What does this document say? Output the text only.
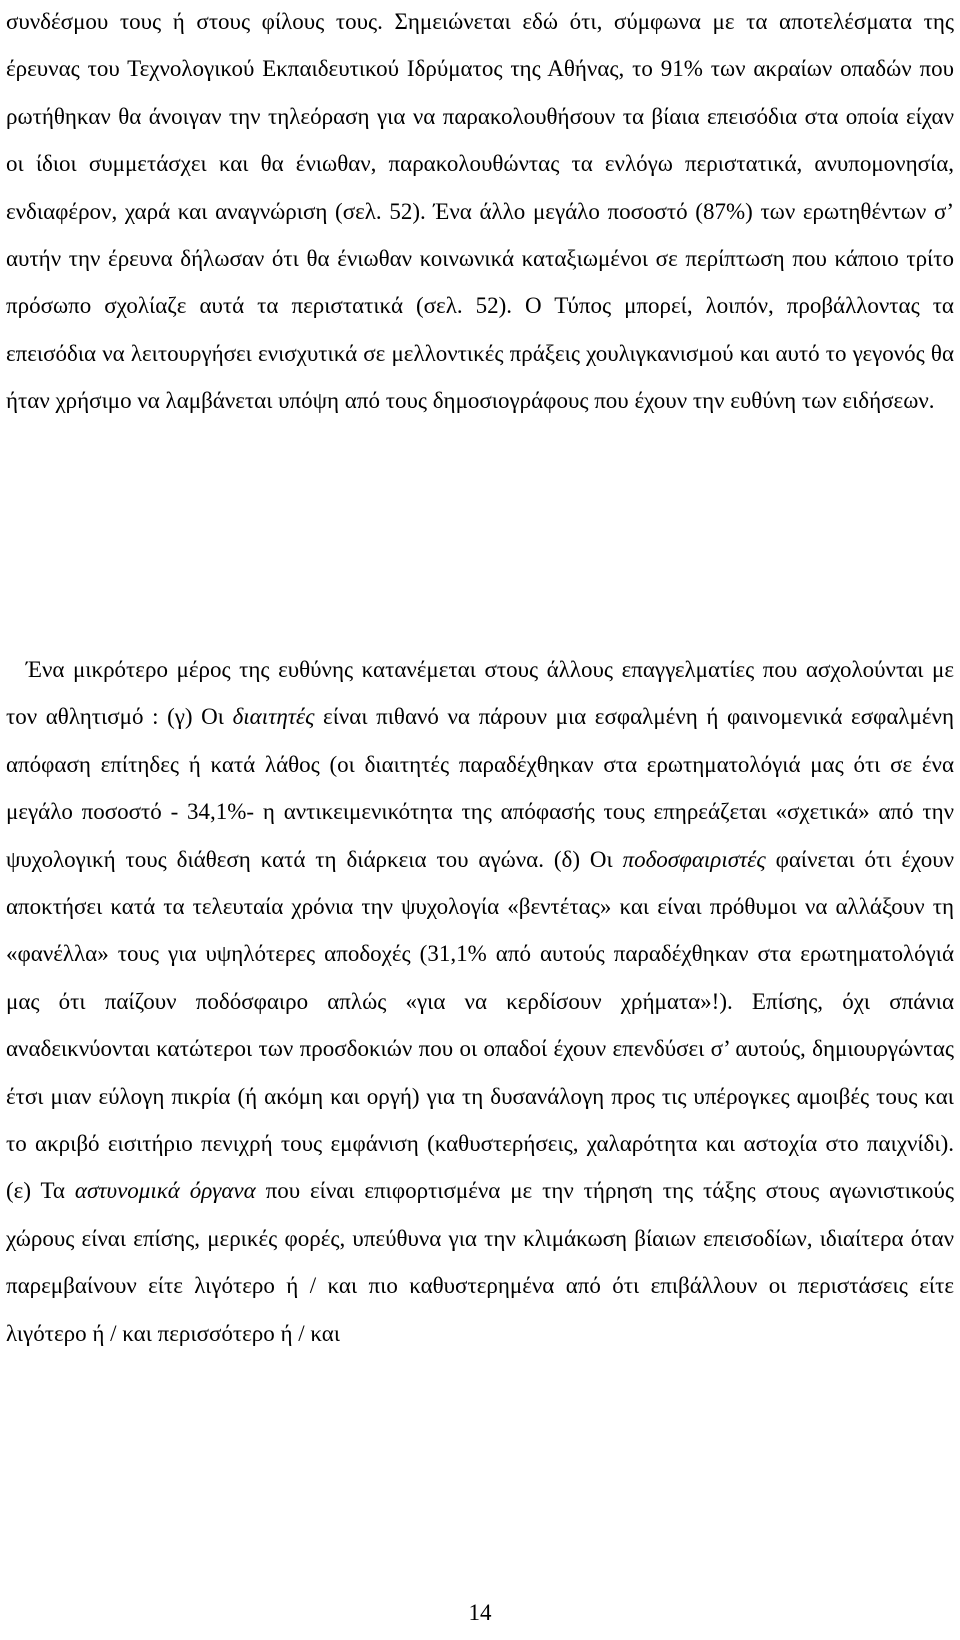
συνδέσμου τους ή στους φίλους τους. Σημειώνεται εδώ ότι, σύμφωνα με τα αποτελέσματα της έρευνας του Τεχνολογικού Εκπαιδευτικού Ιδρύματος της Αθήνας, το 91% των ακραίων οπαδών που ρωτήθηκαν θα άνοιγαν την τηλεόραση για να παρακολουθήσουν τα βίαια επεισόδια στα οποία είχαν οι ίδιοι συμμετάσχει και θα ένιωθαν, παρακολουθώντας τα ενλόγω περιστατικά, ανυπομονησία, ενδιαφέρον, χαρά και αναγνώριση (σελ. 52). Ένα άλλο μεγάλο ποσοστό (87%) των ερωτηθέντων σ’ αυτήν την έρευνα δήλωσαν ότι θα ένιωθαν κοινωνικά καταξιωμένοι σε περίπτωση που κάποιο τρίτο πρόσωπο σχολίαζε αυτά τα περιστατικά (σελ. 52). Ο Τύπος μπορεί, λοιπόν, προβάλλοντας τα επεισόδια να λειτουργήσει ενισχυτικά σε μελλοντικές πράξεις χουλιγκανισμού και αυτό το γεγονός θα ήταν χρήσιμο να λαμβάνεται υπόψη από τους δημοσιογράφους που έχουν την ευθύνη των ειδήσεων.

Ένα μικρότερο μέρος της ευθύνης κατανέμεται στους άλλους επαγγελματίες που ασχολούνται με τον αθλητισμό : (γ) Οι διαιτητές είναι πιθανό να πάρουν μια εσφαλμένη ή φαινομενικά εσφαλμένη απόφαση επίτηδες ή κατά λάθος (οι διαιτητές παραδέχθηκαν στα ερωτηματολόγιά μας ότι σε ένα μεγάλο ποσοστό - 34,1%- η αντικειμενικότητα της απόφασής τους επηρεάζεται «σχετικά» από την ψυχολογική τους διάθεση κατά τη διάρκεια του αγώνα. (δ) Οι ποδοσφαιριστές φαίνεται ότι έχουν αποκτήσει κατά τα τελευταία χρόνια την ψυχολογία «βεντέτας» και είναι πρόθυμοι να αλλάξουν τη «φανέλλα» τους για υψηλότερες αποδοχές (31,1% από αυτούς παραδέχθηκαν στα ερωτηματολόγιά μας ότι παίζουν ποδόσφαιρο απλώς «για να κερδίσουν χρήματα»!). Επίσης, όχι σπάνια αναδεικνύονται κατώτεροι των προσδοκιών που οι οπαδοί έχουν επενδύσει σ’ αυτούς, δημιουργώντας έτσι μιαν εύλογη πικρία (ή ακόμη και οργή) για τη δυσανάλογη προς τις υπέρογκες αμοιβές τους και το ακριβό εισιτήριο πενιχρή τους εμφάνιση (καθυστερήσεις, χαλαρότητα και αστοχία στο παιχνίδι). (ε) Τα αστυνομικά όργανα που είναι επιφορτισμένα με την τήρηση της τάξης στους αγωνιστικούς χώρους είναι επίσης, μερικές φορές, υπεύθυνα για την κλιμάκωση βίαιων επεισοδίων, ιδιαίτερα όταν παρεμβαίνουν είτε λιγότερο ή / και πιο καθυστερημένα από ότι επιβάλλουν οι περιστάσεις είτε λιγότερο ή / και περισσότερο ή / και

14
